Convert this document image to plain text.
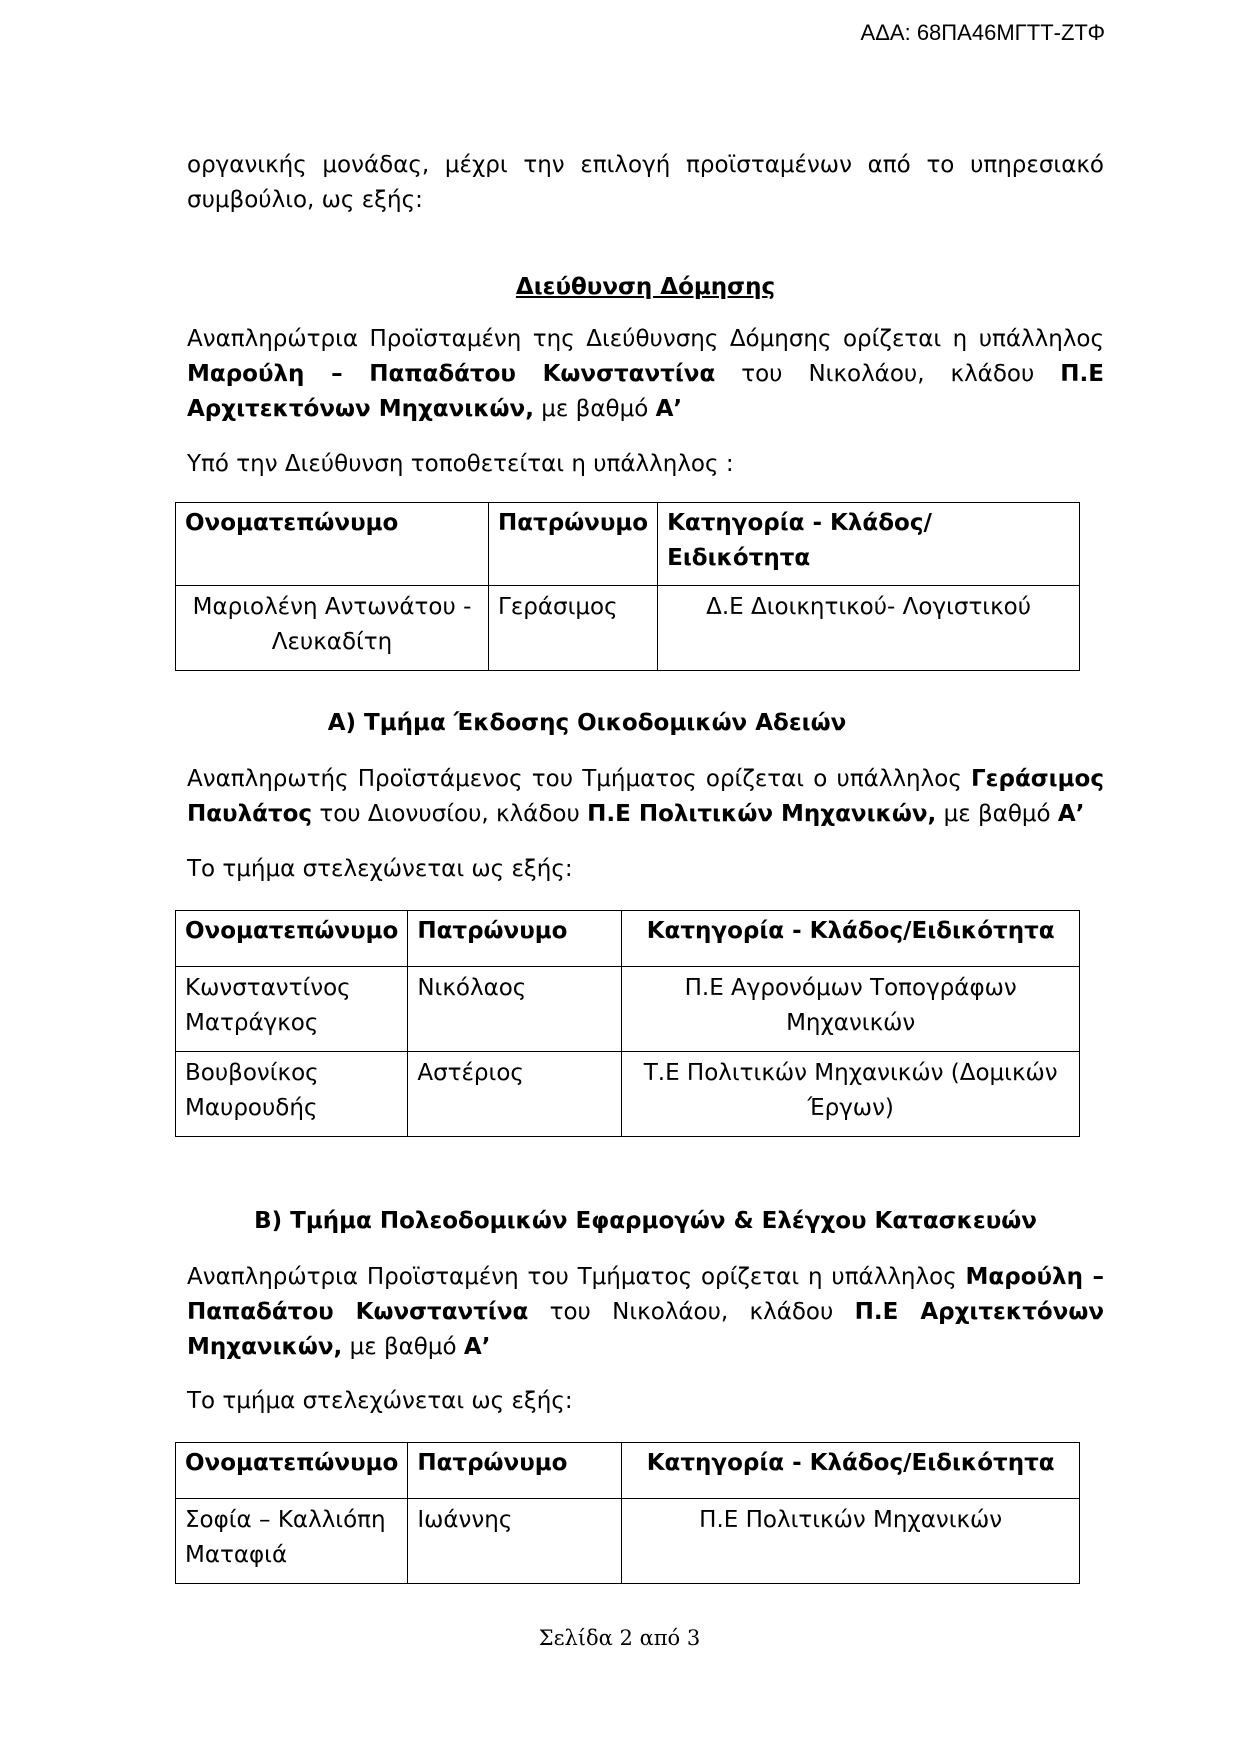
ΑΔΑ: 68ΠΑ46ΜΓΤΤ-ΖΤΦ

οργανικής μονάδας, μέχρι την επιλογή προϊσταμένων από το υπηρεσιακό

συμβούλιο, ως εξής:

Διεύθυνση Δόμησης

Αναπληρώτρια Προϊσταμένη της Διεύθυνσης Δόμησης ορίζεται η υπάλληλος Μαρούλη – Παπαδάτου Κωνσταντίνα του Νικολάου, κλάδου Π.Ε Αρχιτεκτόνων Μηχανικών, με βαθμό Α’

Υπό την Διεύθυνση τοποθετείται η υπάλληλος :

Ονοματεπώνυμο	Πατρώνυμο	Κατηγορία - Κλάδος/Ειδικότητα
Μαριολένη Αντωνάτου - Λευκαδίτη	Γεράσιμος	Δ.Ε Διοικητικού- Λογιστικού

Α) Τμήμα Έκδοσης Οικοδομικών Αδειών

Αναπληρωτής Προϊστάμενος του Τμήματος ορίζεται ο υπάλληλος Γεράσιμος Παυλάτος του Διονυσίου, κλάδου Π.Ε Πολιτικών Μηχανικών, με βαθμό Α’

Το τμήμα στελεχώνεται ως εξής:

Ονοματεπώνυμο	Πατρώνυμο	Κατηγορία - Κλάδος/Ειδικότητα
Κωνσταντίνος Ματράγκος	Νικόλαος	Π.Ε Αγρονόμων Τοπογράφων Μηχανικών
Βουβονίκος Μαυρουδής	Αστέριος	Τ.Ε Πολιτικών Μηχανικών (Δομικών Έργων)

Β) Τμήμα Πολεοδομικών Εφαρμογών & Ελέγχου Κατασκευών

Αναπληρώτρια Προϊσταμένη του Τμήματος ορίζεται η υπάλληλος Μαρούλη – Παπαδάτου Κωνσταντίνα του Νικολάου, κλάδου Π.Ε Αρχιτεκτόνων Μηχανικών, με βαθμό Α’

Το τμήμα στελεχώνεται ως εξής:

Ονοματεπώνυμο	Πατρώνυμο	Κατηγορία - Κλάδος/Ειδικότητα
Σοφία – Καλλιόπη Ματαφιά	Ιωάννης	Π.Ε Πολιτικών Μηχανικών
Σελίδα 2 από 3
